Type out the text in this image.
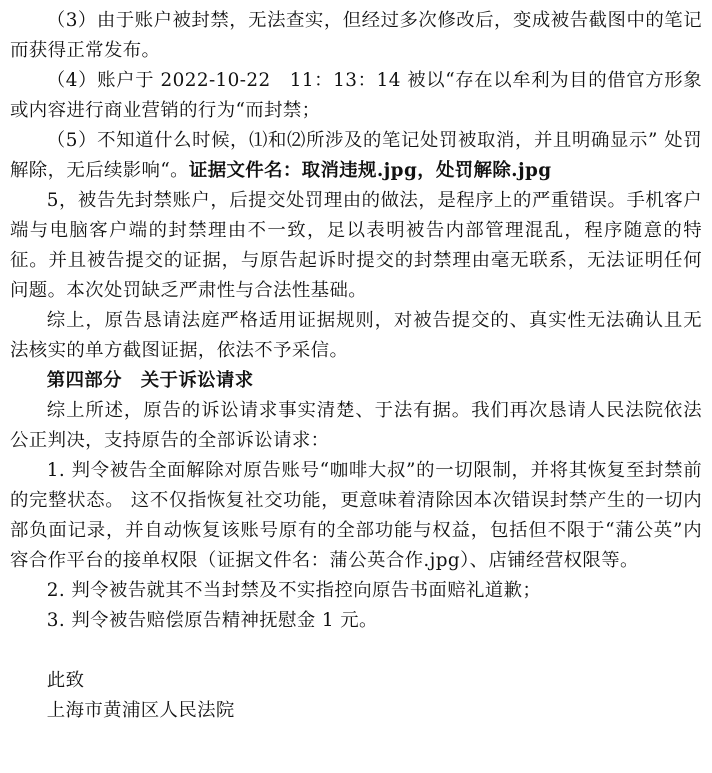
（3）由于账户被封禁，无法查实，但经过多次修改后，变成被告截图中的笔记而获得正常发布。

（4）账户于 2022-10-22　11：13：14 被以“存在以牟利为目的借官方形象或内容进行商业营销的行为“而封禁；

（5）不知道什么时候，⑴和⑵所涉及的笔记处罚被取消，并且明确显示” 处罚解除，无后续影响“。证据文件名：取消违规.jpg，处罚解除.jpg

5，被告先封禁账户，后提交处罚理由的做法，是程序上的严重错误。手机客户端与电脑客户端的封禁理由不一致，足以表明被告内部管理混乱，程序随意的特征。并且被告提交的证据，与原告起诉时提交的封禁理由毫无联系，无法证明任何问题。本次处罚缺乏严肃性与合法性基础。

综上，原告恳请法庭严格适用证据规则，对被告提交的、真实性无法确认且无法核实的单方截图证据，依法不予采信。

第四部分　关于诉讼请求

综上所述，原告的诉讼请求事实清楚、于法有据。我们再次恳请人民法院依法公正判决，支持原告的全部诉讼请求：

1. 判令被告全面解除对原告账号“咖啡大叔”的一切限制，并将其恢复至封禁前的完整状态。 这不仅指恢复社交功能，更意味着清除因本次错误封禁产生的一切内部负面记录，并自动恢复该账号原有的全部功能与权益，包括但不限于“蒲公英”内容合作平台的接单权限（证据文件名：蒲公英合作.jpg）、店铺经营权限等。

2. 判令被告就其不当封禁及不实指控向原告书面赔礼道歉；

3. 判令被告赔偿原告精神抚慰金 1 元。

此致

上海市黄浦区人民法院
